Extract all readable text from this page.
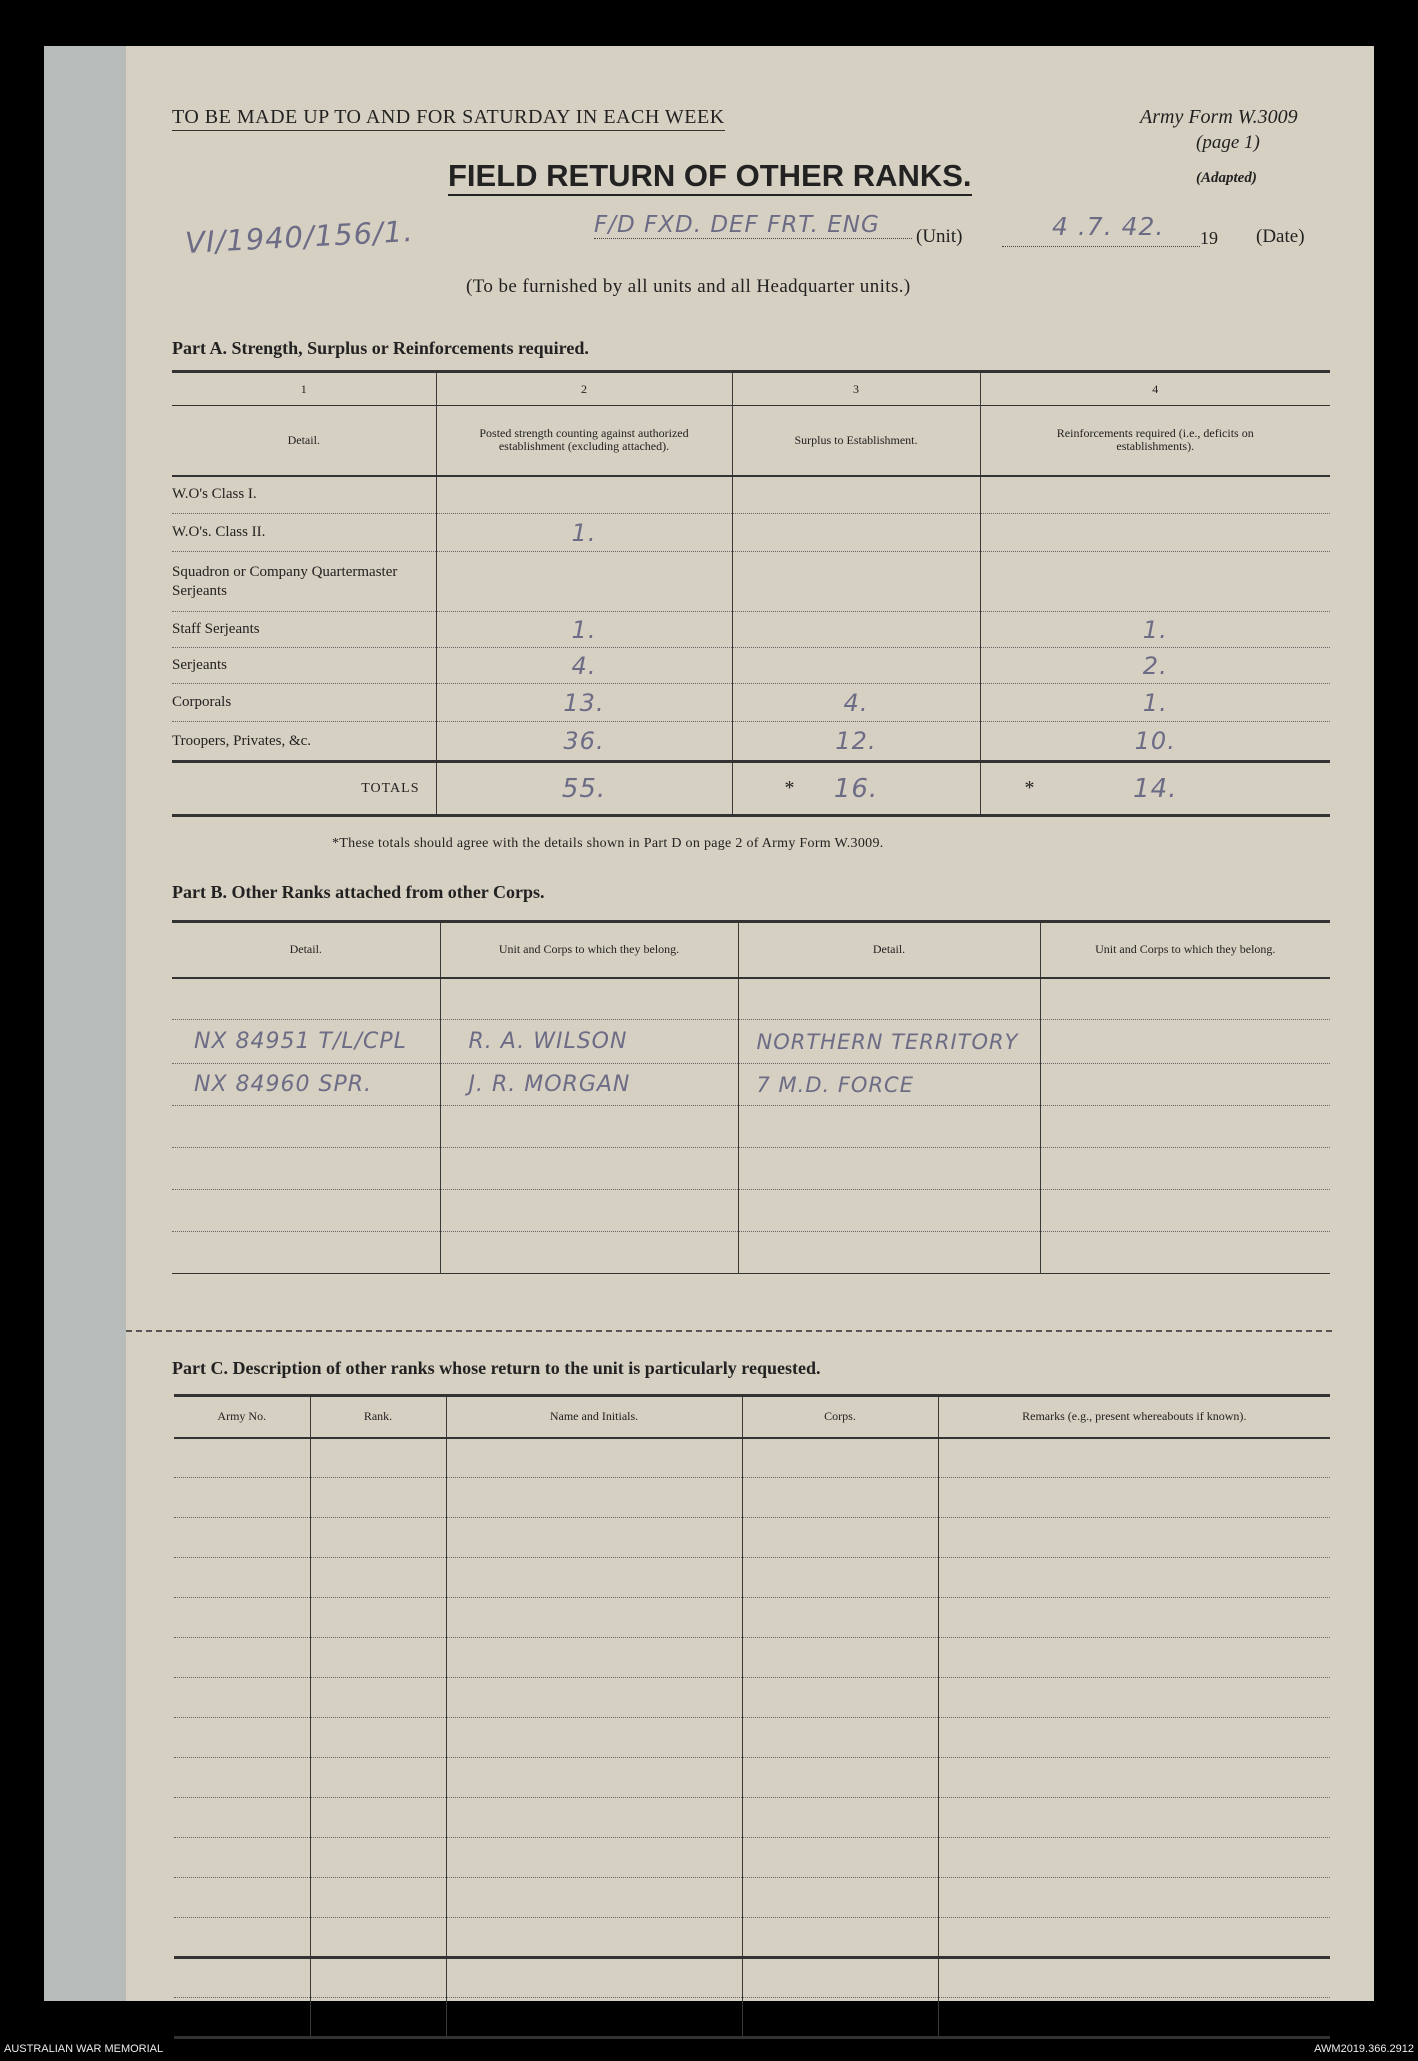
TO BE MADE UP TO AND FOR SATURDAY IN EACH WEEK	Army Form W.3009
(page 1)
(Adapted)
FIELD RETURN OF OTHER RANKS.
VI/1940/156/1.	F/D FXD. DEF FRT. ENG	(Unit)	4 .7. 42. 19 (Date)
(To be furnished by all units and all Headquarter units.)
Part A. Strength, Surplus or Reinforcements required.
1	2	3	4
Detail.	Posted strength counting against authorized establishment (excluding attached).	Surplus to Establishment.	Reinforcements required (i.e., deficits on establishments).
W.O's Class I.			
W.O's. Class II.	1.		
Squadron or Company Quartermaster Serjeants			
Staff Serjeants	1.		1.
Serjeants	4.		2.
Corporals	13.	4.	1.
Troopers, Privates, &c.	36.	12.	10.
TOTALS	55.	* 16.	* 14.
*These totals should agree with the details shown in Part D on page 2 of Army Form W.3009.
Part B. Other Ranks attached from other Corps.
Detail.	Unit and Corps to which they belong.	Detail.	Unit and Corps to which they belong.

NX 84951 T/L/CPL	R. A. WILSON	NORTHERN TERRITORY	
NX 84960 SPR.	J. R. MORGAN	7 M.D. FORCE	

Part C. Description of other ranks whose return to the unit is particularly requested.
Army No.	Rank.	Name and Initials.	Corps.	Remarks (e.g., present whereabouts if known).

AUSTRALIAN WAR MEMORIAL	AWM2019.366.2912
